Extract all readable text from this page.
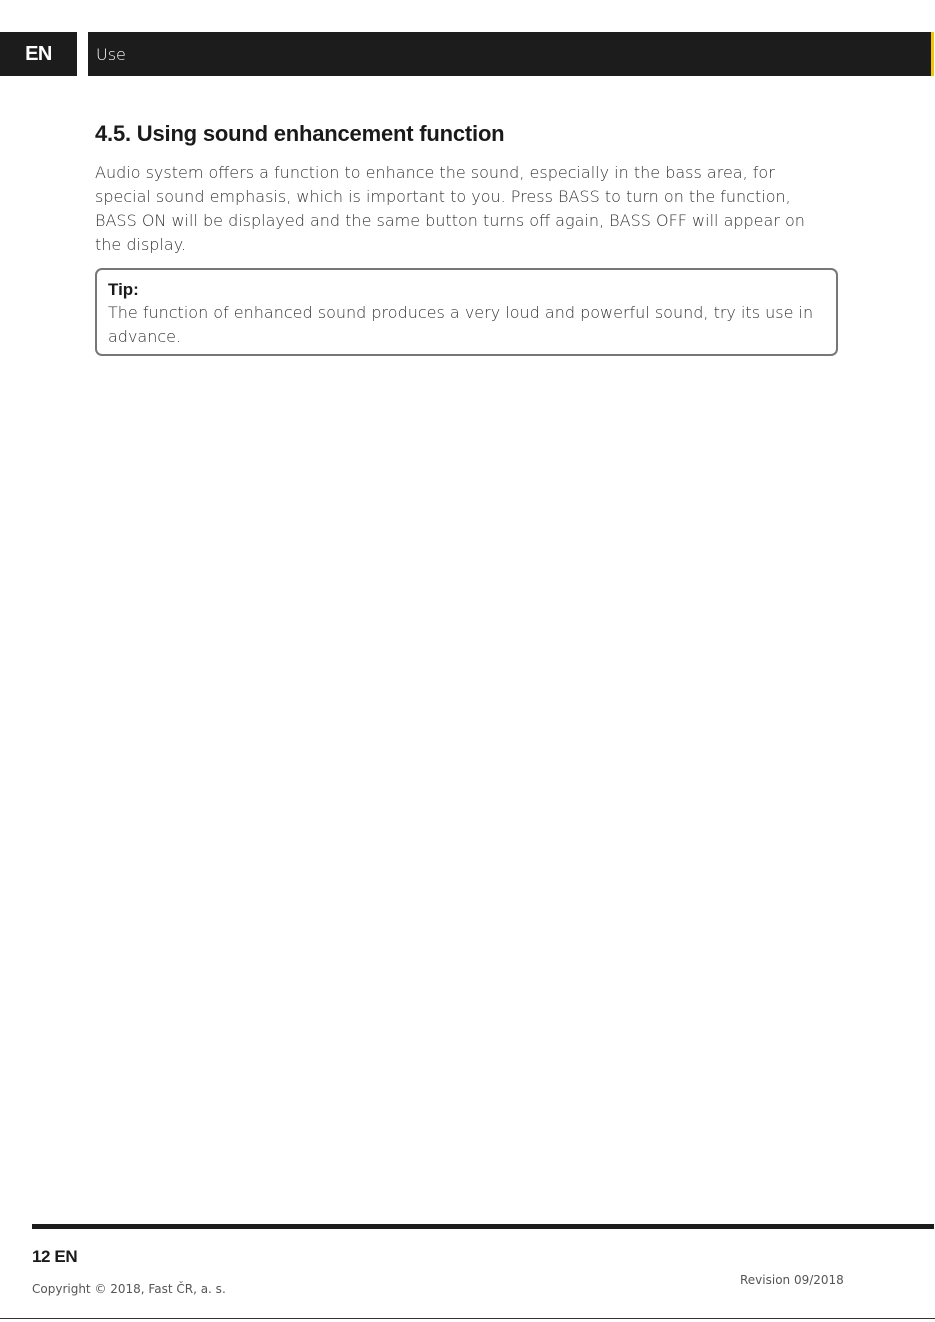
EN	Use
4.5. Using sound enhancement function

Audio system offers a function to enhance the sound, especially in the bass area, for special sound emphasis, which is important to you. Press BASS to turn on the function, BASS ON will be displayed and the same button turns off again, BASS OFF will appear on the display.

Tip:
The function of enhanced sound produces a very loud and powerful sound, try its use in advance.
12 EN
Copyright © 2018, Fast ČR, a. s.
Revision 09/2018
